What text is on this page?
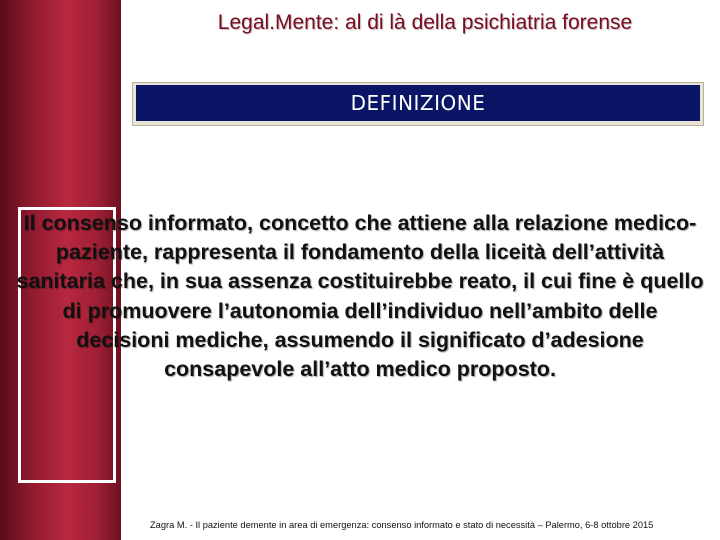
Legal.Mente: al di là della psichiatria forense
DEFINIZIONE
Il consenso informato, concetto che attiene alla relazione medico-paziente, rappresenta il fondamento della liceità dell’attività sanitaria che, in sua assenza costituirebbe reato, il cui fine è quello di promuovere l’autonomia dell’individuo nell’ambito delle decisioni mediche, assumendo il significato d’adesione consapevole all’atto medico proposto.
Zagra M. - Il paziente demente in area di emergenza: consenso informato e stato di necessità – Palermo, 6-8 ottobre 2015
